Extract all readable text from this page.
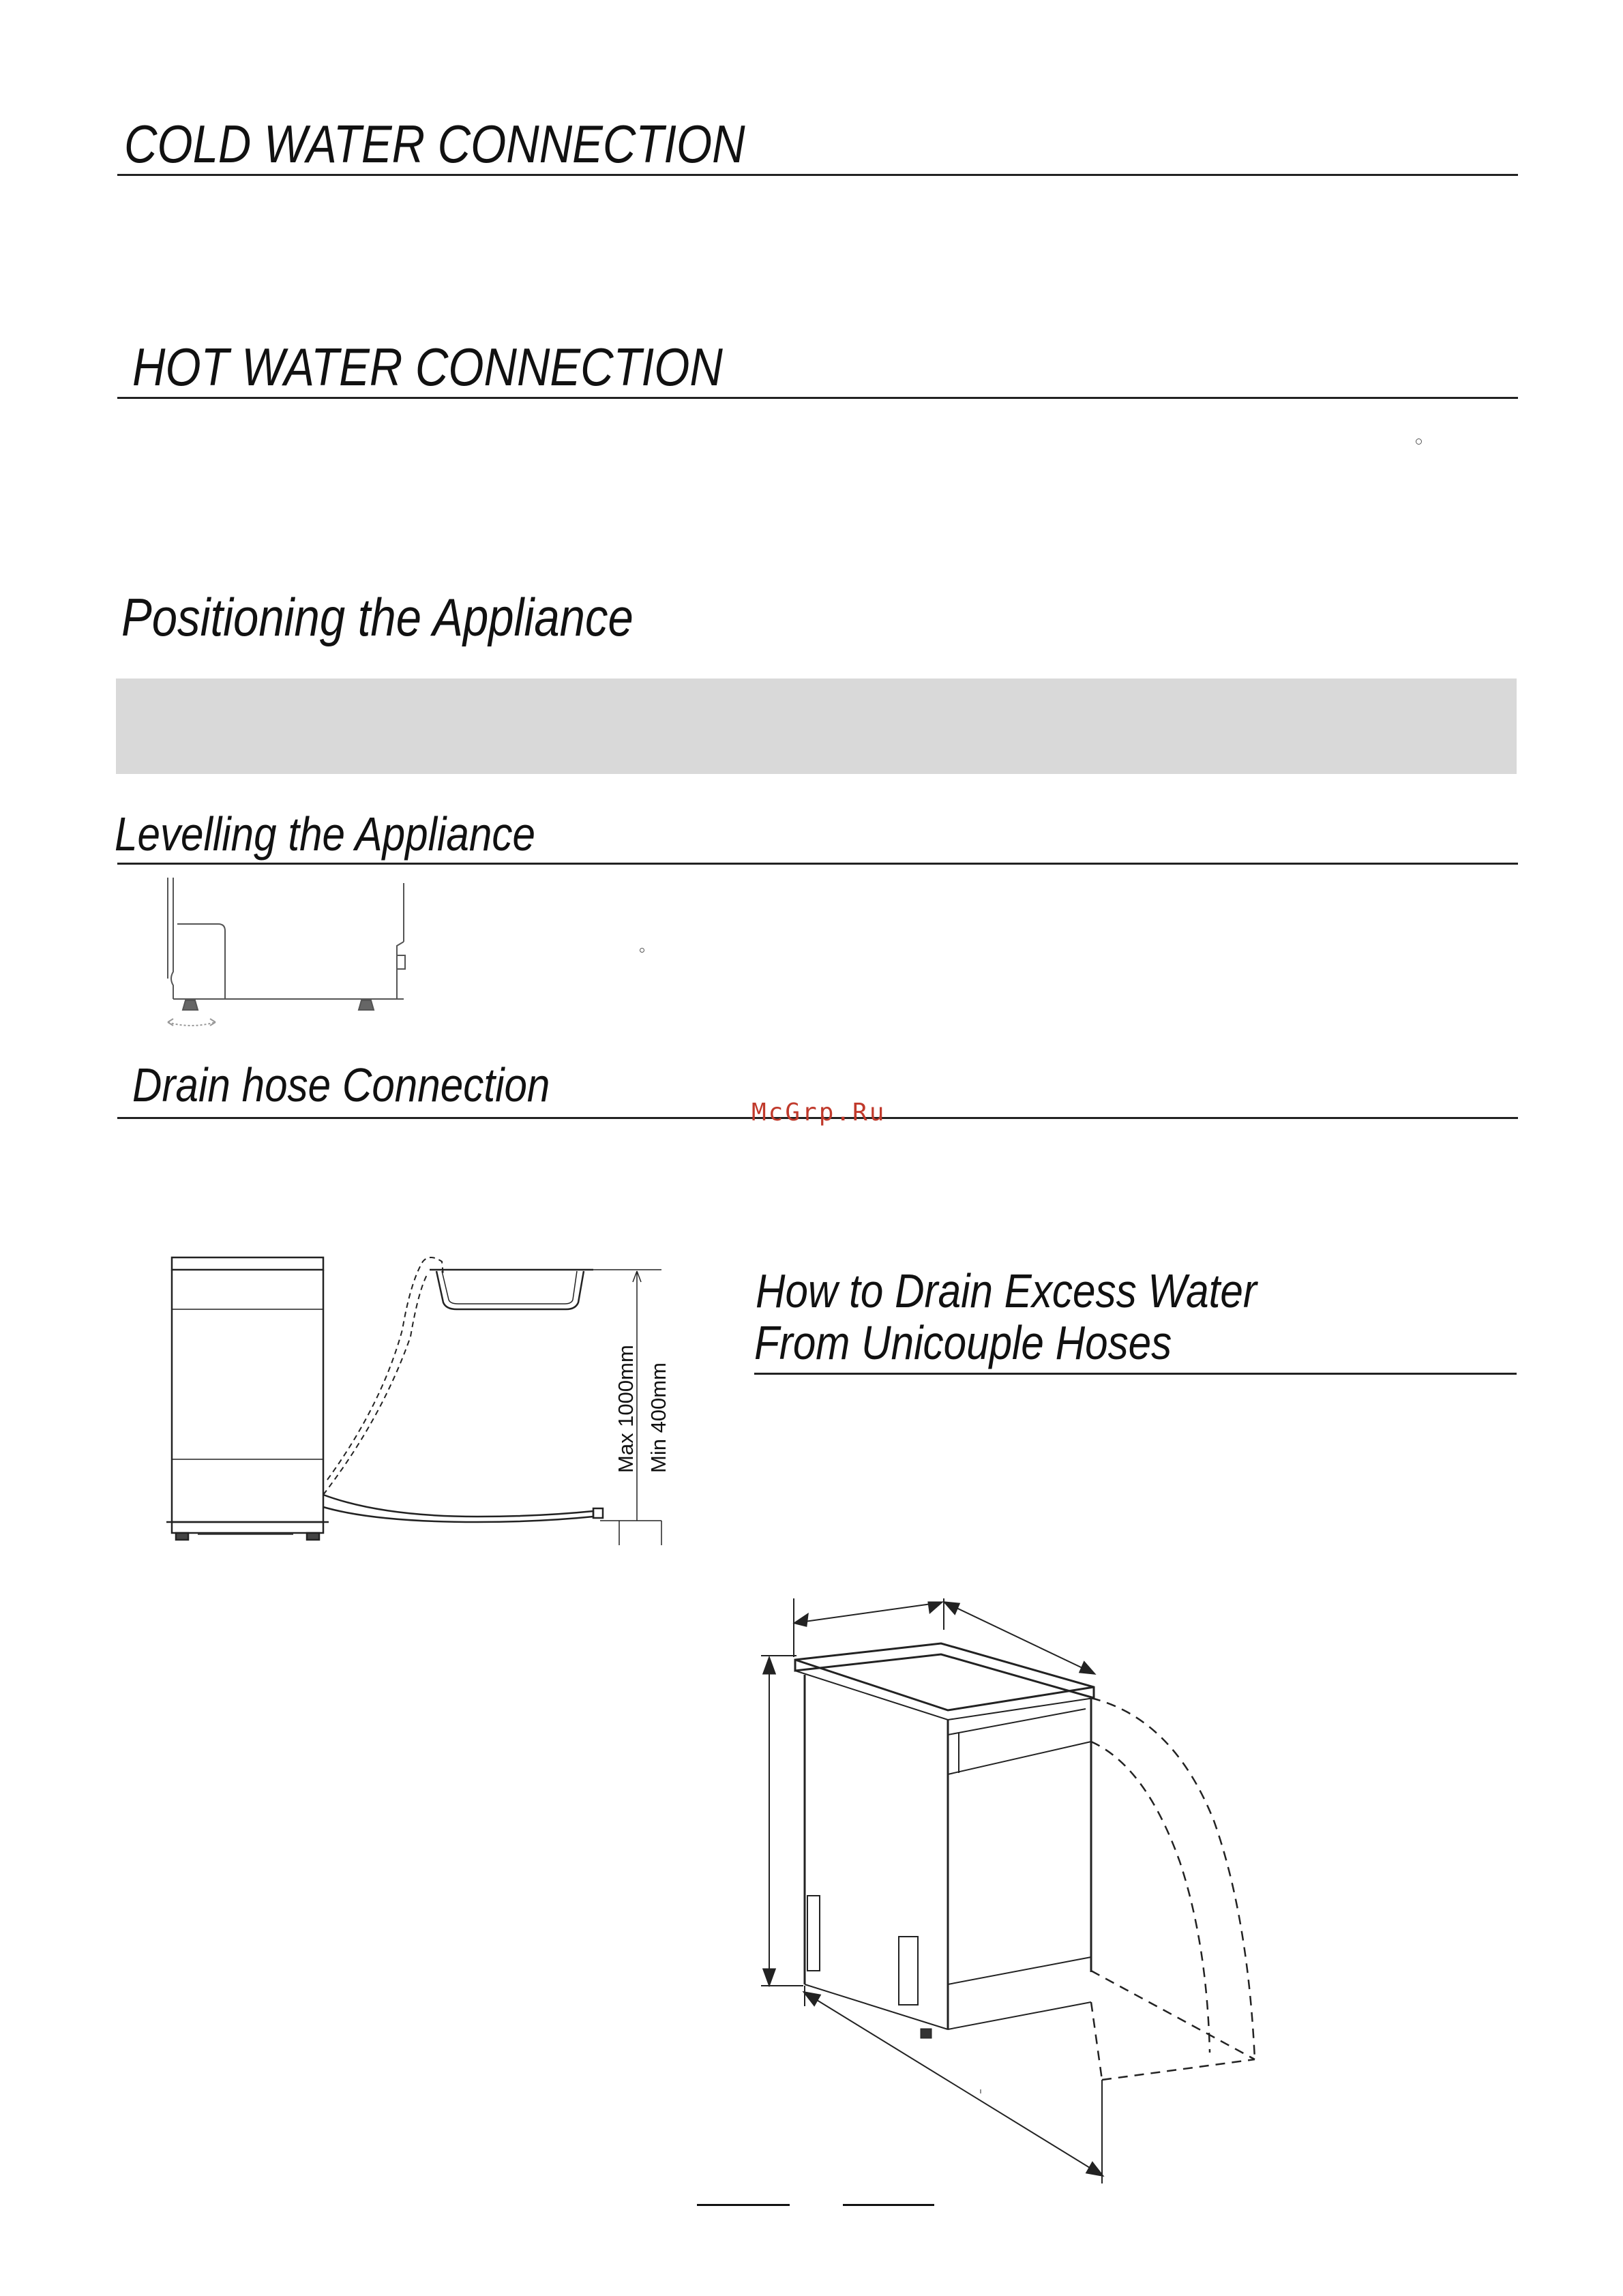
COLD WATER CONNECTION
HOT WATER CONNECTION
Positioning the Appliance
Levelling the Appliance
Drain hose Connection
McGrp.Ru
Max 1000mm Min 400mm
How to Drain Excess Water
From Unicouple Hoses
